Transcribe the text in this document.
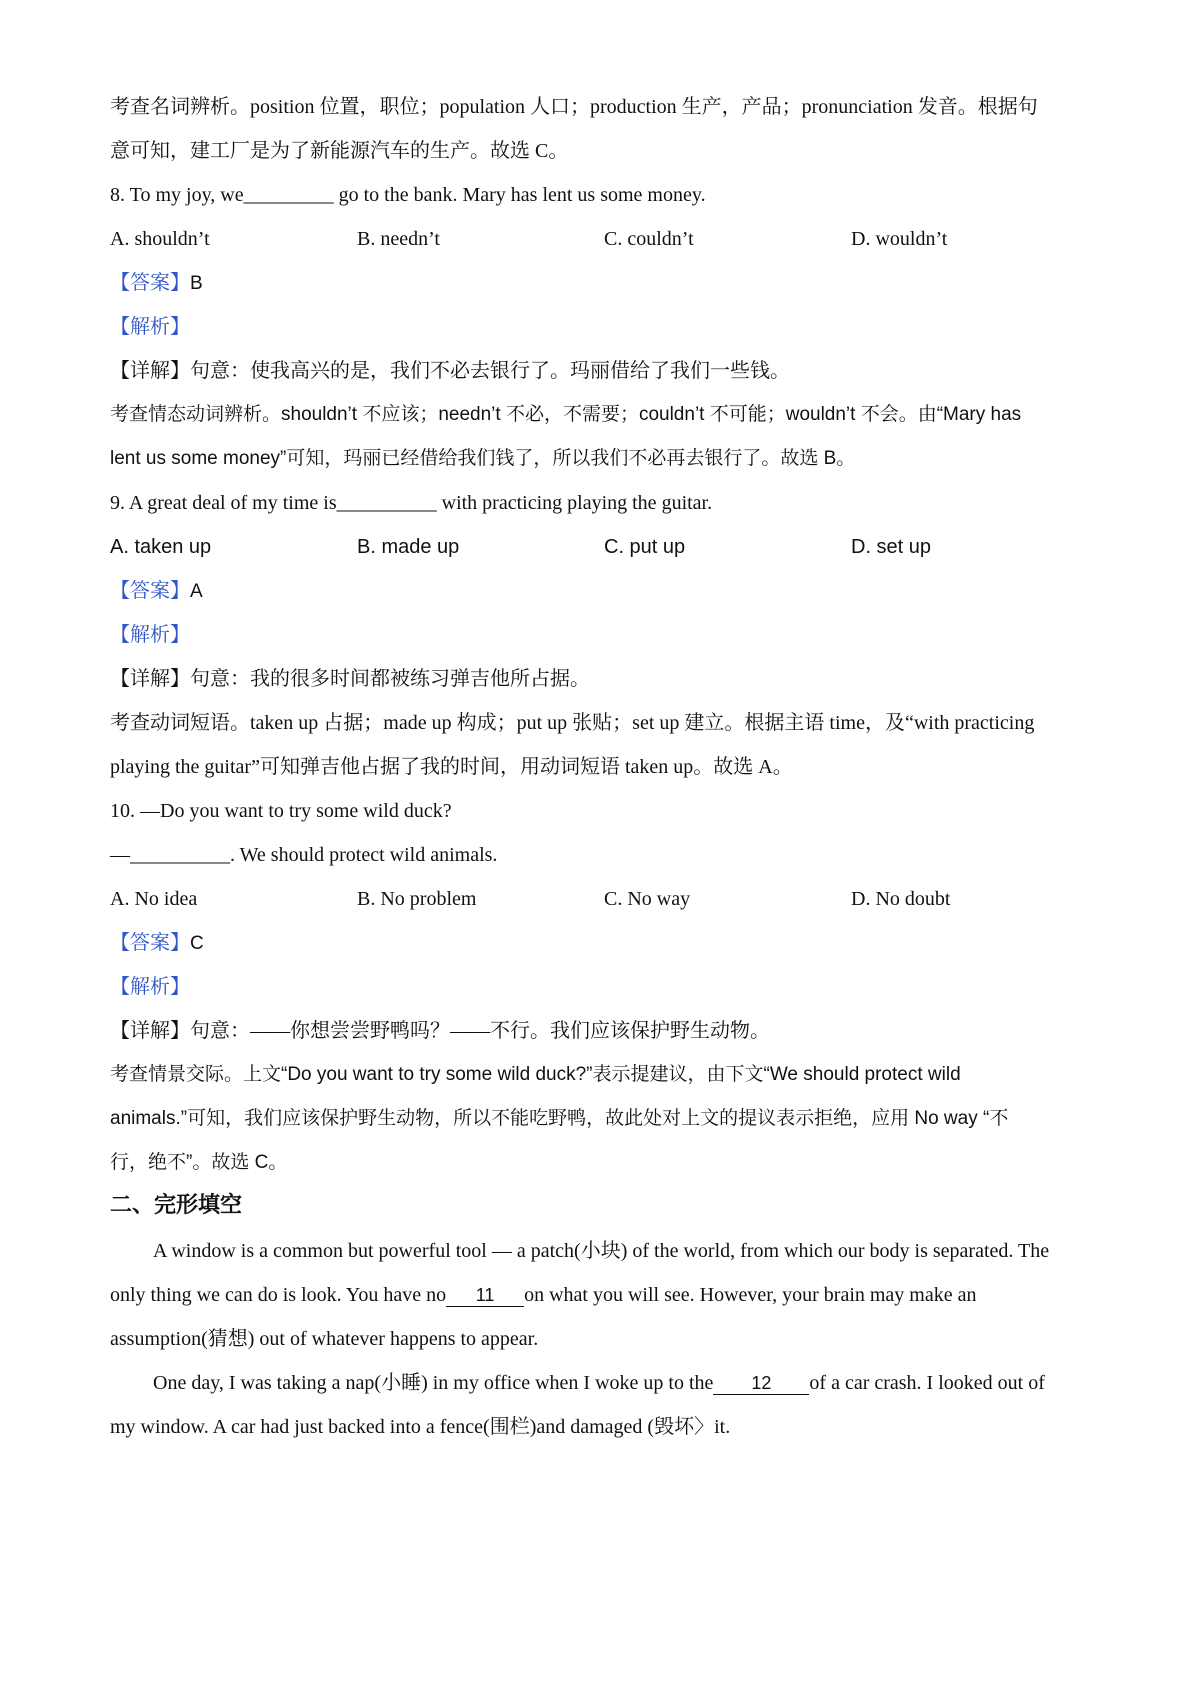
考查名词辨析。position 位置，职位；population 人口；production 生产，产品；pronunciation 发音。根据句
意可知，建工厂是为了新能源汽车的生产。故选 C。
8. To my joy, we_________ go to the bank. Mary has lent us some money.
A. shouldn’t	B. needn’t	C. couldn’t	D. wouldn’t
【答案】B
【解析】
【详解】句意：使我高兴的是，我们不必去银行了。玛丽借给了我们一些钱。
考查情态动词辨析。shouldn’t 不应该；needn’t 不必，不需要；couldn’t 不可能；wouldn’t 不会。由“Mary has
lent us some money”可知，玛丽已经借给我们钱了，所以我们不必再去银行了。故选 B。
9. A great deal of my time is__________ with practicing playing the guitar.
A. taken up	B. made up	C. put up	D. set up
【答案】A
【解析】
【详解】句意：我的很多时间都被练习弹吉他所占据。
考查动词短语。taken up 占据；made up 构成；put up 张贴；set up 建立。根据主语 time，及“with practicing
playing the guitar”可知弹吉他占据了我的时间，用动词短语 taken up。故选 A。
10. —Do you want to try some wild duck?
—__________. We should protect wild animals.
A. No idea	B. No problem	C. No way	D. No doubt
【答案】C
【解析】
【详解】句意：——你想尝尝野鸭吗？——不行。我们应该保护野生动物。
考查情景交际。上文“Do you want to try some wild duck?”表示提建议，由下文“We should protect wild
animals.”可知，我们应该保护野生动物，所以不能吃野鸭，故此处对上文的提议表示拒绝，应用 No way “不
行，绝不”。故选 C。
二、完形填空
A window is a common but powerful tool — a patch(小块) of the world, from which our body is separated. The
only thing we can do is look. You have no 11 on what you will see. However, your brain may make an
assumption(猜想) out of whatever happens to appear.
One day, I was taking a nap(小睡) in my office when I woke up to the 12 of a car crash. I looked out of
my window. A car had just backed into a fence(围栏)and damaged (毁坏〉it.
